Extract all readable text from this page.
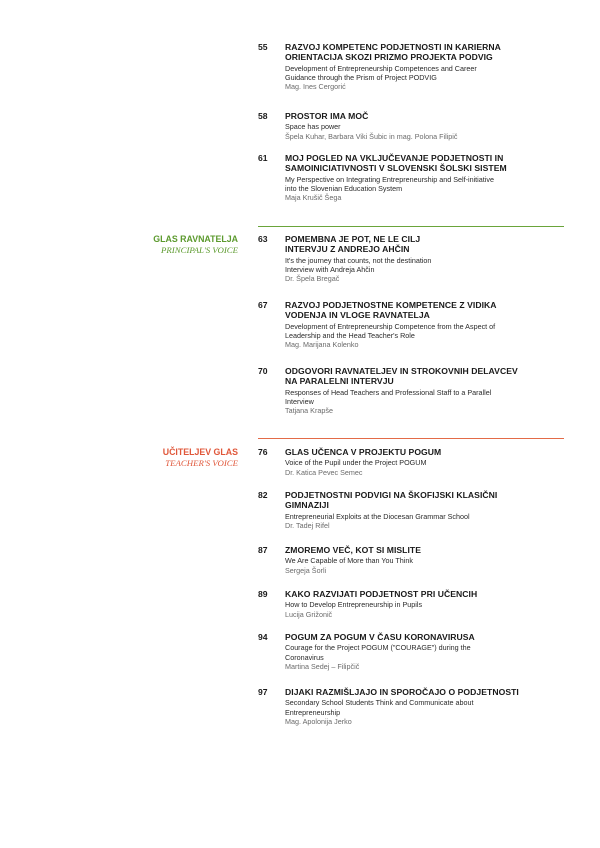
GLAS RAVNATELJA
PRINCIPAL'S VOICE
UČITELJEV GLAS
TEACHER'S VOICE
55	RAZVOJ KOMPETENC PODJETNOSTI IN KARIERNA
ORIENTACIJA SKOZI PRIZMO PROJEKTA PODVIG
Development of Entrepreneurship Competences and Career
Guidance through the Prism of Project PODVIG
Mag. Ines Cergorić
58	PROSTOR IMA MOČ
Space has power
Špela Kuhar, Barbara Viki Šubic in mag. Polona Filipič
61	MOJ POGLED NA VKLJUČEVANJE PODJETNOSTI IN
SAMOINICIATIVNOSTI V SLOVENSKI ŠOLSKI SISTEM
My Perspective on Integrating Entrepreneurship and Self-initiative
into the Slovenian Education System
Maja Krušič Šega
63	POMEMBNA JE POT, NE LE CILJ
INTERVJU Z ANDREJO AHČIN
It's the journey that counts, not the destination
Interview with Andreja Ahčin
Dr. Špela Bregač
67	RAZVOJ PODJETNOSTNE KOMPETENCE Z VIDIKA
VODENJA IN VLOGE RAVNATELJA
Development of Entrepreneurship Competence from the Aspect of
Leadership and the Head Teacher's Role
Mag. Marijana Kolenko
70	ODGOVORI RAVNATELJEV IN STROKOVNIH DELAVCEV
NA PARALELNI INTERVJU
Responses of Head Teachers and Professional Staff to a Parallel
Interview
Tatjana Krapše
76	GLAS UČENCA V PROJEKTU POGUM
Voice of the Pupil under the Project POGUM
Dr. Katica Pevec Semec
82	PODJETNOSTNI PODVIGI NA ŠKOFIJSKI KLASIČNI
GIMNAZIJI
Entrepreneurial Exploits at the Diocesan Grammar School
Dr. Tadej Rifel
87	ZMOREMO VEČ, KOT SI MISLITE
We Are Capable of More than You Think
Sergeja Šorli
89	KAKO RAZVIJATI PODJETNOST PRI UČENCIH
How to Develop Entrepreneurship in Pupils
Lucija Grižonič
94	POGUM ZA POGUM V ČASU KORONAVIRUSA
Courage for the Project POGUM ("COURAGE") during the
Coronavirus
Martina Sedej – Filipčič
97	DIJAKI RAZMIŠLJAJO IN SPOROČAJO O PODJETNOSTI
Secondary School Students Think and Communicate about
Entrepreneurship
Mag. Apolonija Jerko
